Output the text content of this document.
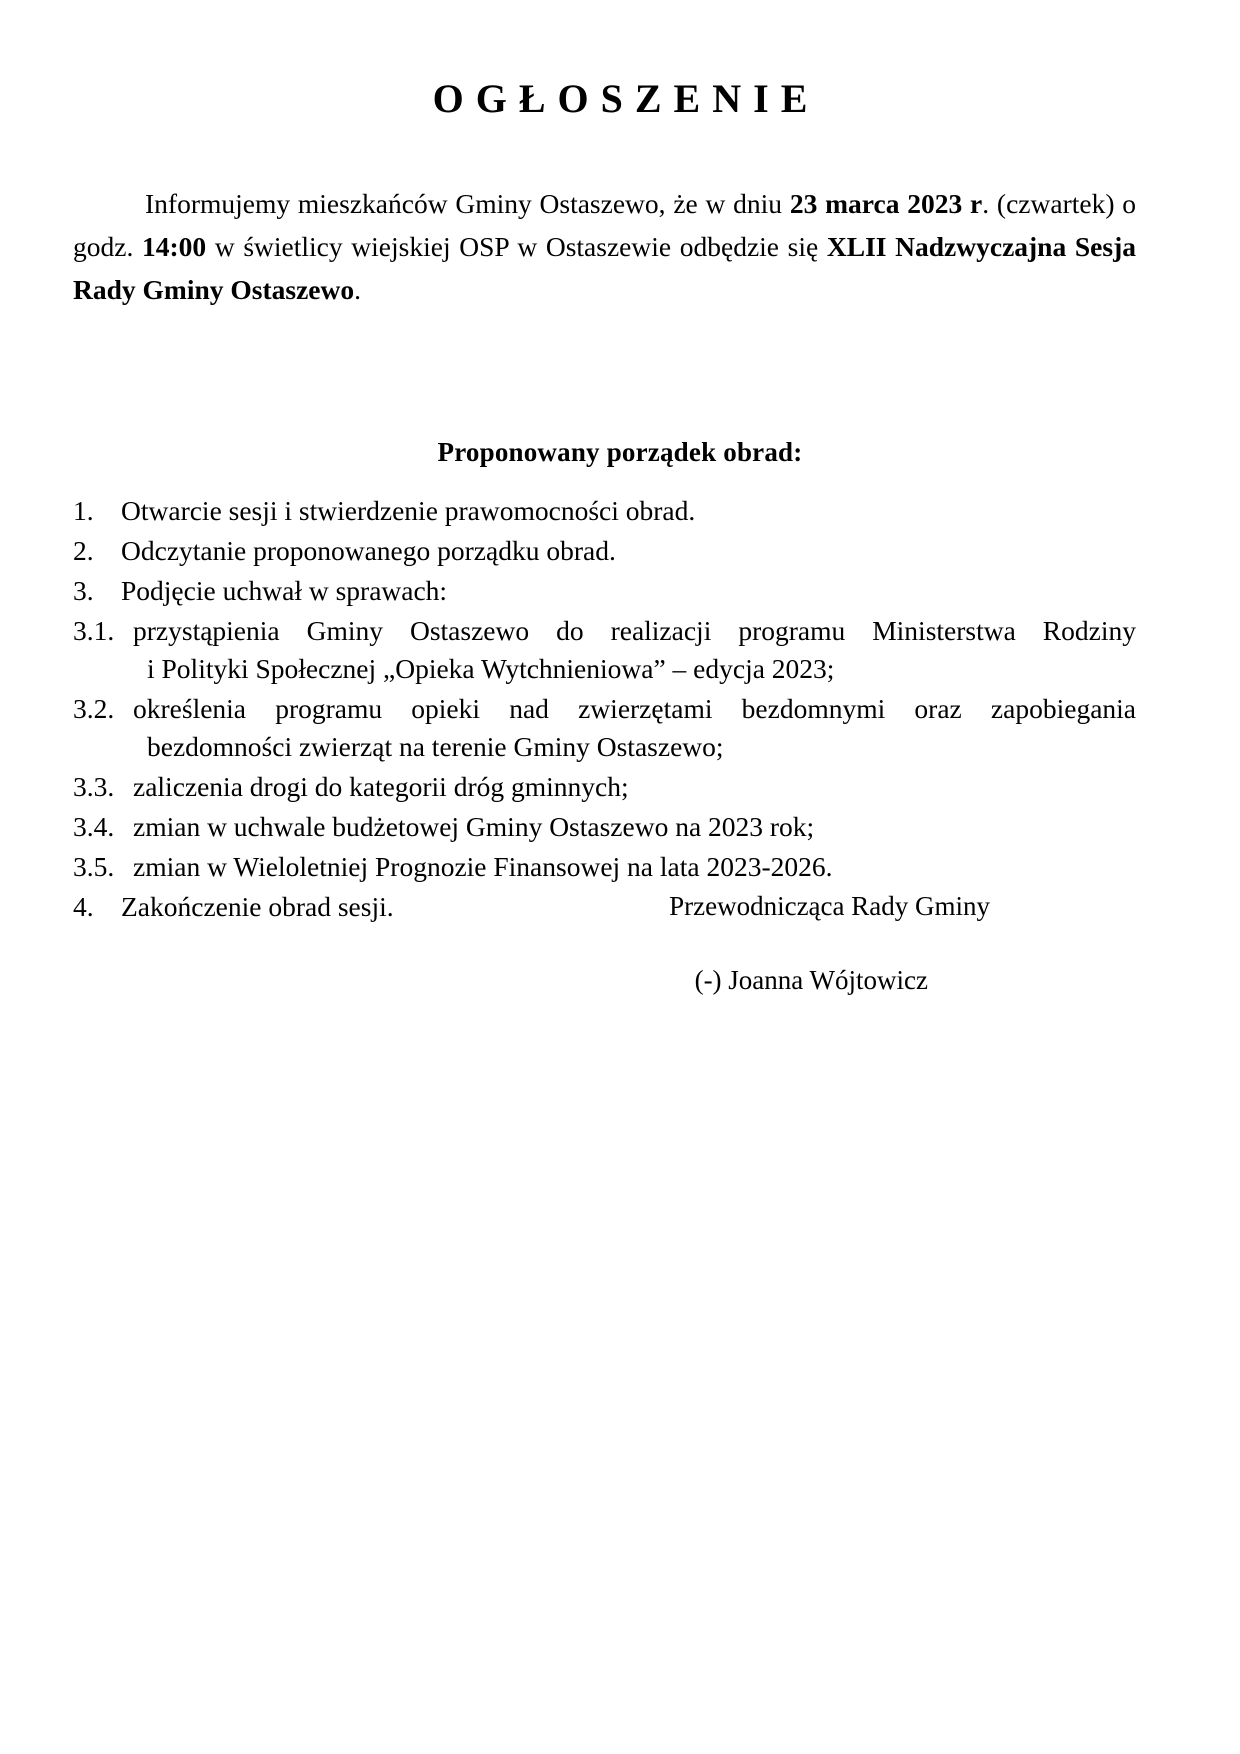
OGŁOSZENIE

Informujemy mieszkańców Gminy Ostaszewo, że w dniu 23 marca 2023 r. (czwartek) o godz. 14:00 w świetlicy wiejskiej OSP w Ostaszewie odbędzie się XLII Nadzwyczajna Sesja Rady Gminy Ostaszewo.

Proponowany porządek obrad:
1. Otwarcie sesji i stwierdzenie prawomocności obrad.
2. Odczytanie proponowanego porządku obrad.
3. Podjęcie uchwał w sprawach:
3.1. przystąpienia Gminy Ostaszewo do realizacji programu Ministerstwa Rodziny
i Polityki Społecznej „Opieka Wytchnieniowa” – edycja 2023;
3.2. określenia programu opieki nad zwierzętami bezdomnymi oraz zapobiegania
bezdomności zwierząt na terenie Gminy Ostaszewo;
3.3. zaliczenia drogi do kategorii dróg gminnych;
3.4. zmian w uchwale budżetowej Gminy Ostaszewo na 2023 rok;
3.5. zmian w Wieloletniej Prognozie Finansowej na lata 2023-2026.
4. Zakończenie obrad sesji.	Przewodnicząca Rady Gminy

(-) Joanna Wójtowicz
